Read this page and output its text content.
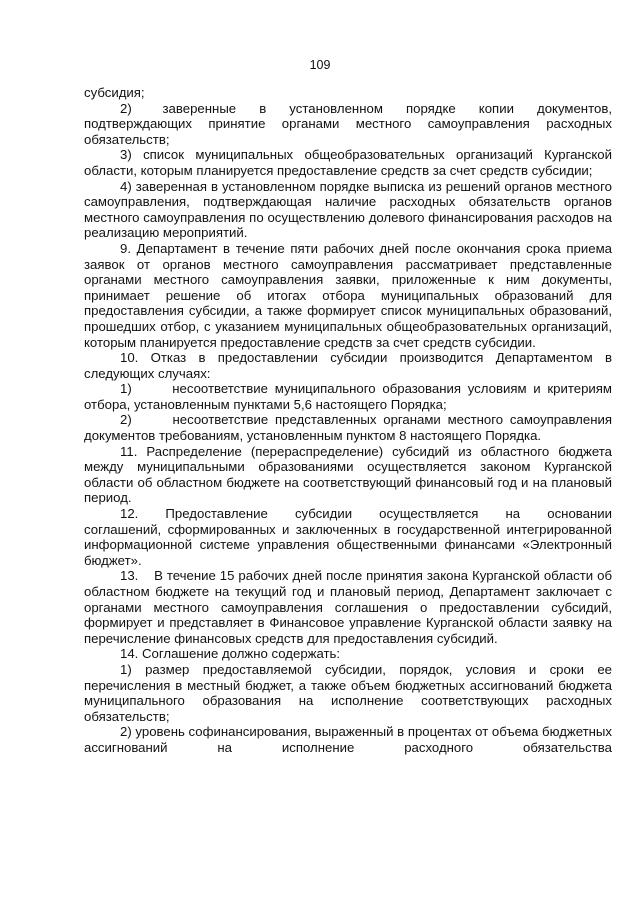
109

субсидия;

2)    заверенные   в   установленном   порядке   копии   документов, подтверждающих принятие органами местного самоуправления расходных обязательств;

3) список муниципальных общеобразовательных организаций Курганской области, которым планируется предоставление средств за счет средств субсидии;

4) заверенная в установленном порядке выписка из решений органов местного самоуправления, подтверждающая наличие расходных обязательств органов местного самоуправления по осуществлению долевого финансирования расходов на реализацию мероприятий.

9. Департамент в течение пяти рабочих дней после окончания срока приема заявок от органов местного самоуправления рассматривает представленные органами местного самоуправления заявки, приложенные к ним документы, принимает решение об итогах отбора муниципальных образований для предоставления субсидии, а также формирует список муниципальных образований, прошедших отбор, с указанием муниципальных общеобразовательных организаций, которым планируется предоставление средств за счет средств субсидии.

10. Отказ в предоставлении субсидии производится Департаментом в следующих случаях:

1)      несоответствие муниципального образования условиям и критериям отбора, установленным пунктами 5,6 настоящего Порядка;

2)      несоответствие представленных органами местного самоуправления документов требованиям, установленным пунктом 8 настоящего Порядка.

11. Распределение (перераспределение) субсидий из областного бюджета между муниципальными образованиями осуществляется законом Курганской области об областном бюджете на соответствующий финансовый год и на плановый период.

12.    Предоставление    субсидии    осуществляется    на    основании соглашений, сформированных и заключенных в государственной интегрированной информационной системе управления общественными финансами «Электронный бюджет».

13.    В течение 15 рабочих дней после принятия закона Курганской области об областном бюджете на текущий год и плановый период, Департамент заключает с органами местного самоуправления соглашения о предоставлении субсидий, формирует и представляет в Финансовое управление Курганской области заявку на перечисление финансовых средств для предоставления субсидий.

14. Соглашение должно содержать:

1) размер предоставляемой субсидии, порядок, условия и сроки ее перечисления в местный бюджет, а также объем бюджетных ассигнований бюджета муниципального образования на исполнение соответствующих расходных обязательств;

2) уровень софинансирования, выраженный в процентах от объема бюджетных ассигнований на исполнение расходного обязательства
